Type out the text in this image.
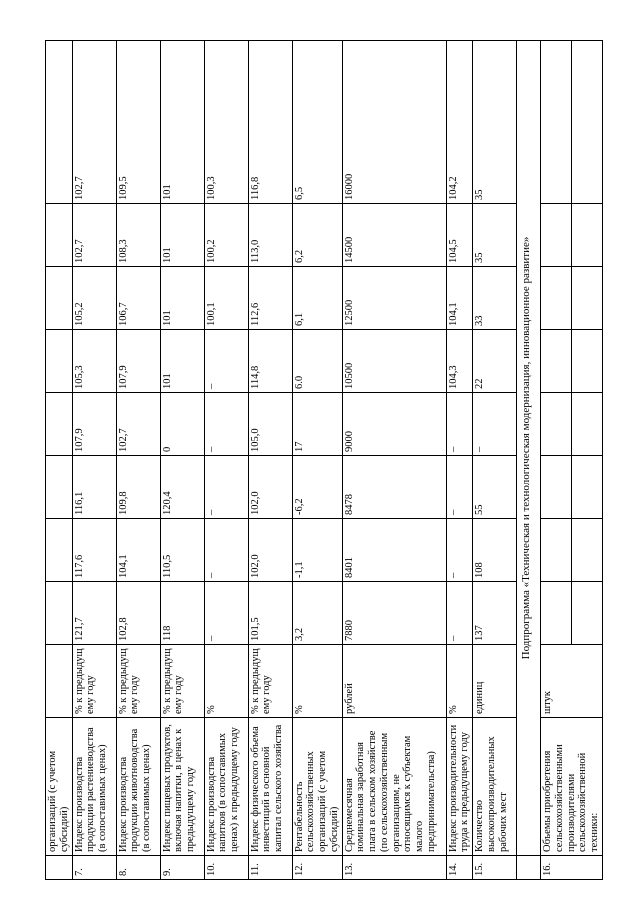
	организаций (с учетом субсидий)										
7.	Индекс производства продукции растениеводства (в сопоставимых ценах)	% к предыдущ ему году	121,7	117,6	116,1	107,9	105,3	105,2	102,7	102,7	
8.	Индекс производства продукции животноводства (в сопоставимых ценах)	% к предыдущ ему году	102,8	104,1	109,8	102,7	107,9	106,7	108,3	109,5	
9.	Индекс пищевых продуктов, включая напитки, в ценах к предыдущему году	% к предыдущ ему году	118	110,5	120,4	0	101	101	101	101	
10.	Индекс производства напитков (в сопоставимых ценах) к предыдущему году	%	–	–	–	–	–	100,1	100,2	100,3	
11.	Индекс физического объема инвестиций в основной капитал сельского хозяйства	% к предыдущ ему году	101,5	102,0	102,0	105,0	114,8	112,6	113,0	116,8	
12.	Рентабельность сельскохозяйственных организаций (с учетом субсидий)	%	3,2	-1,1	-6,2	17	6.0	6,1	6,2	6,5	
13.	Среднемесячная номинальная заработная плата в сельском хозяйстве (по сельскохозяйственным организациям, не относящимся к субъектам малого предпринимательства)	рублей	7880	8401	8478	9000	10500	12500	14500	16000	
14.	Индекс производительности труда к предыдущему году	%	–	–	–	–	104,3	104,1	104,5	104,2	
15.	Количество высокопроизводительных рабочих мест	единиц	137	108	55	–	22	33	35	35	
	Подпрограмма «Техническая и технологическая модернизация, инновационное развитие»										
16.	Объемы приобретения сельскохозяйственными производителями сельскохозяйственной техники:	штук									
